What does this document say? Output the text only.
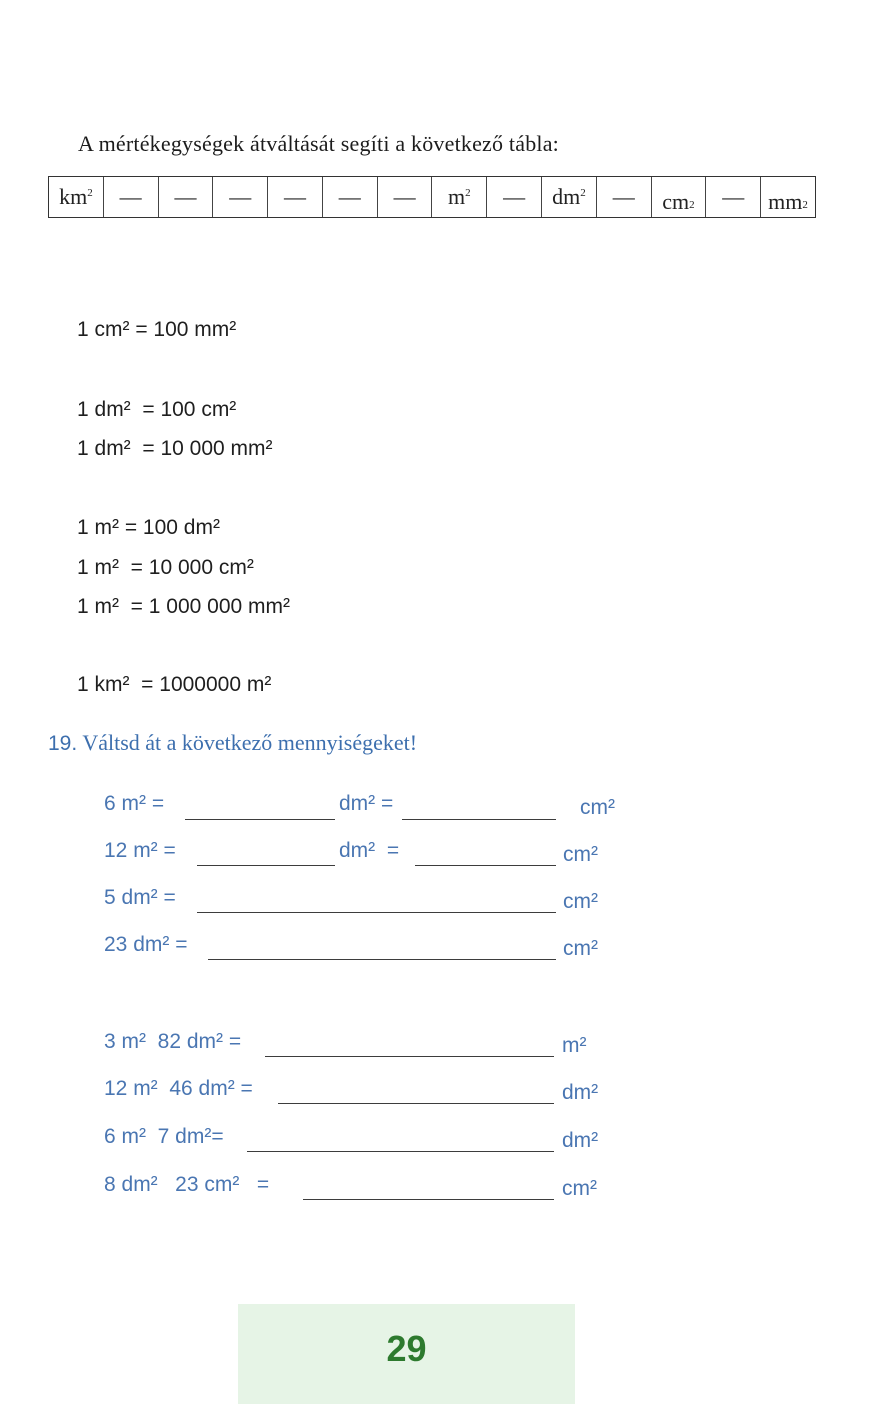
A mértékegységek átváltását segíti a következő tábla:
km 2 — — — — — — m 2 — dm 2 — cm 2 — mm 2
1 cm² = 100 mm²
1 dm²  = 100 cm²
1 dm²  = 10 000 mm²
1 m² = 100 dm²
1 m²  = 10 000 cm²
1 m²  = 1 000 000 mm²
1 km²  = 1000000 m²
19. Váltsd át a következő mennyiségeket!
6 m² =	dm² =	cm²
12 m² =	dm²  =	cm²
5 dm² =	cm²
23 dm² =	cm²
3 m²  82 dm² =	m²
12 m²  46 dm² =	dm²
6 m²  7 dm²=	dm²
8 dm²   23 cm²   =	cm²
29
